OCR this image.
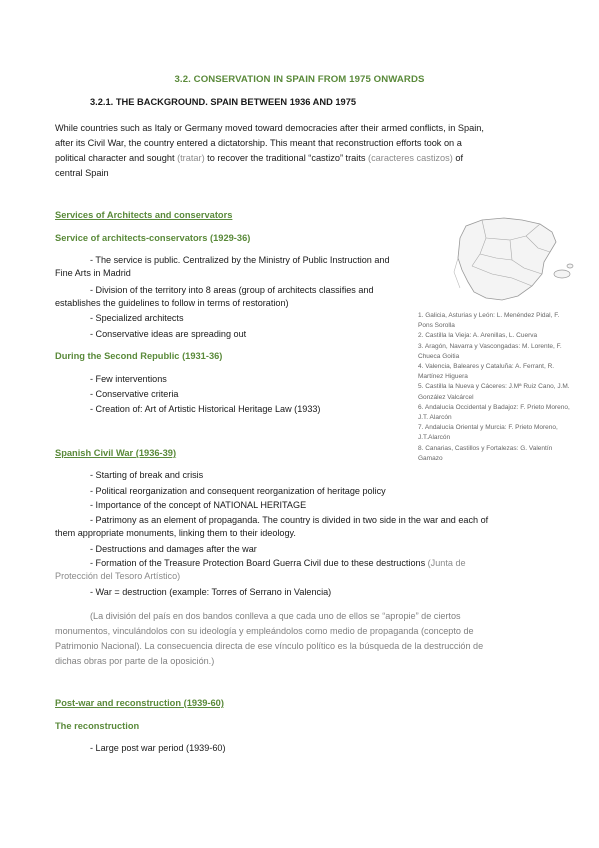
3.2. CONSERVATION IN SPAIN FROM 1975 ONWARDS
3.2.1. THE BACKGROUND. SPAIN BETWEEN 1936 AND 1975
While countries such as Italy or Germany moved toward democracies after their armed conflicts, in Spain,
after its Civil War, the country entered a dictatorship. This meant that reconstruction efforts took on a
political character and sought (tratar) to recover the traditional “castizo” traits (caracteres castizos) of
central Spain
Services of Architects and conservators
Service of architects-conservators (1929-36)
- The service is public. Centralized by the Ministry of Public Instruction and
Fine Arts in Madrid
- Division of the territory into 8 areas (group of architects classifies and
establishes the guidelines to follow in terms of restoration)
- Specialized architects
- Conservative ideas are spreading out
During the Second Republic (1931-36)
- Few interventions
- Conservative criteria
- Creation of: Art of Artistic Historical Heritage Law (1933)
1. Galicia, Asturias y León: L. Menéndez Pidal, F.
Pons Sorolla
2. Castilla la Vieja: A. Arenillas, L. Cuerva
3. Aragón, Navarra y Vascongadas: M. Lorente, F.
Chueca Goitia
4. Valencia, Baleares y Cataluña: A. Ferrant, R.
Martínez Higuera
5. Castilla la Nueva y Cáceres: J.Mª Ruiz Cano, J.M.
González Valcárcel
6. Andalucía Occidental y Badajoz: F. Prieto Moreno,
J.T. Alarcón
7. Andalucía Oriental y Murcia: F. Prieto Moreno,
J.T.Alarcón
8. Canarias, Castillos y Fortalezas: G. Valentín
Gamazo
Spanish Civil War (1936-39)
- Starting of break and crisis
- Political reorganization and consequent reorganization of heritage policy
- Importance of the concept of NATIONAL HERITAGE
- Patrimony as an element of propaganda. The country is divided in two side in the war and each of
them appropriate monuments, linking them to their ideology.
- Destructions and damages after the war
- Formation of the Treasure Protection Board Guerra Civil due to these destructions (Junta de
Protección del Tesoro Artístico)
- War = destruction (example: Torres of Serrano in Valencia)
(La división del país en dos bandos conlleva a que cada uno de ellos se “apropie” de ciertos
monumentos, vinculándolos con su ideología y empleándolos como medio de propaganda (concepto de
Patrimonio Nacional). La consecuencia directa de ese vínculo político es la búsqueda de la destrucción de
dichas obras por parte de la oposición.)
Post-war and reconstruction (1939-60)
The reconstruction
- Large post war period (1939-60)
